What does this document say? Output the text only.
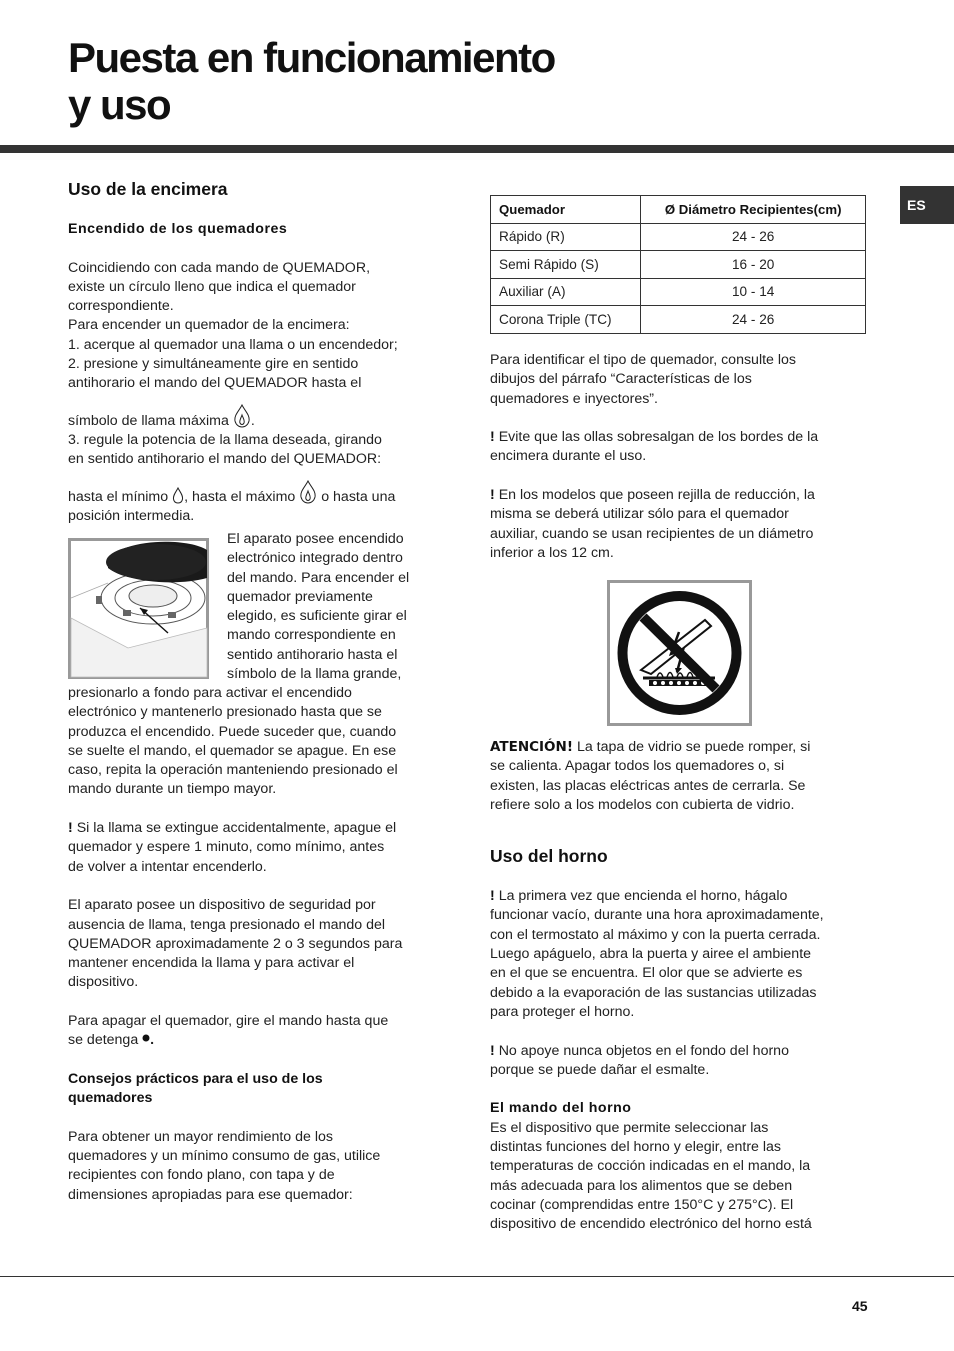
Puesta en funcionamiento
y uso
ES

Uso de la encimera

Encendido de los quemadores

Coincidiendo con cada mando de QUEMADOR,

existe un círculo lleno que indica el quemador

correspondiente.

Para encender un quemador de la encimera:

1. acerque al quemador una llama o un encendedor;

2. presione y simultáneamente gire en sentido

antihorario el mando del QUEMADOR hasta el

símbolo de llama máxima .

3. regule la potencia de la llama deseada, girando

en sentido antihorario el mando del QUEMADOR:

hasta el mínimo , hasta el máximo o hasta una

posición intermedia.

El aparato posee encendido

electrónico integrado dentro

del mando. Para encender el

quemador previamente

elegido, es suficiente girar el

mando correspondiente en

sentido antihorario hasta el

símbolo de la llama grande,

presionarlo a fondo para activar el encendido

electrónico y mantenerlo presionado hasta que se

produzca el encendido. Puede suceder que, cuando

se suelte el mando, el quemador se apague. En ese

caso, repita la operación manteniendo presionado el

mando durante un tiempo mayor.

! Si la llama se extingue accidentalmente, apague el

quemador y espere 1 minuto, como mínimo, antes

de volver a intentar encenderlo.

El aparato posee un dispositivo de seguridad por

ausencia de llama, tenga presionado el mando del

QUEMADOR aproximadamente 2 o 3 segundos para

mantener encendida la llama y para activar el

dispositivo.

Para apagar el quemador, gire el mando hasta que

se detenga .

Consejos prácticos para el uso de los

quemadores

Para obtener un mayor rendimiento de los

quemadores y un mínimo consumo de gas, utilice

recipientes con fondo plano, con tapa y de

dimensiones apropiadas para ese quemador:

Quemador	Ø Diámetro Recipientes(cm)
Rápido (R)	24 - 26
Semi Rápido (S)	16 - 20
Auxiliar (A)	10 - 14
Corona Triple (TC)	24 - 26

Para identificar el tipo de quemador, consulte los

dibujos del párrafo “Características de los

quemadores e inyectores”.

! Evite que las ollas sobresalgan de los bordes de la

encimera durante el uso.

! En los modelos que poseen rejilla de reducción, la

misma se deberá utilizar sólo para el quemador

auxiliar, cuando se usan recipientes de un diámetro

inferior a los 12 cm.

ATENCIÓN! La tapa de vidrio se puede romper, si

se calienta. Apagar todos los quemadores o, si

existen, las placas eléctricas antes de cerrarla. Se

refiere solo a los modelos con cubierta de vidrio.

Uso del horno

! La primera vez que encienda el horno, hágalo

funcionar vacío, durante una hora aproximadamente,

con el termostato al máximo y con la puerta cerrada.

Luego apáguelo, abra la puerta y airee el ambiente

en el que se encuentra. El olor que se advierte es

debido a la evaporación de las sustancias utilizadas

para proteger el horno.

! No apoye nunca objetos en el fondo del horno

porque se puede dañar el esmalte.

El mando del horno

Es el dispositivo que permite seleccionar las

distintas funciones del horno y elegir, entre las

temperaturas de cocción indicadas en el mando, la

más adecuada para los alimentos que se deben

cocinar (comprendidas entre 150°C y 275°C). El

dispositivo de encendido electrónico del horno está

45
